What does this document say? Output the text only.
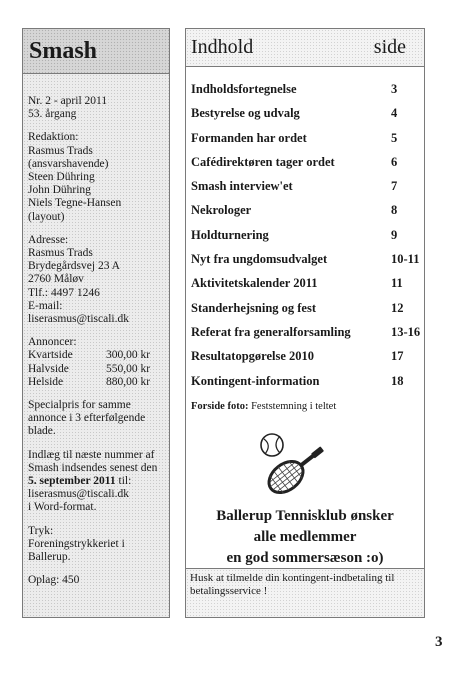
Smash
Nr. 2 - april 2011
53. årgang
Redaktion:
Rasmus Trads
(ansvarshavende)
Steen Dühring
John Dühring
Niels Tegne-Hansen
(layout)
Adresse:
Rasmus Trads
Brydegårdsvej 23 A
2760 Måløv
Tlf.: 4497 1246
E-mail:
liserasmus@tiscali.dk
Annoncer:
Kvartside	300,00 kr
Halvside	550,00 kr
Helside	880,00 kr
Specialpris for samme
annonce i 3 efterfølgende
blade.
Indlæg til næste nummer af
Smash indsendes senest den
5. september 2011 til:
liserasmus@tiscali.dk
i Word-format.
Tryk:
Foreningstrykkeriet i
Ballerup.
Oplag: 450
Indhold	side
Indholdsfortegnelse	3
Bestyrelse og udvalg	4
Formanden har ordet	5
Cafédirektøren tager ordet	6
Smash interview'et	7
Nekrologer	8
Holdturnering	9
Nyt fra ungdomsudvalget	10-11
Aktivitetskalender 2011	11
Standerhejsning og fest	12
Referat fra generalforsamling	13-16
Resultatopgørelse 2010	17
Kontingent-information	18
Forside foto: Feststemning i teltet
Ballerup Tennisklub ønsker
alle medlemmer
en god sommersæson :o)
Husk at tilmelde din kontingent-indbetaling til betalingsservice !
3
